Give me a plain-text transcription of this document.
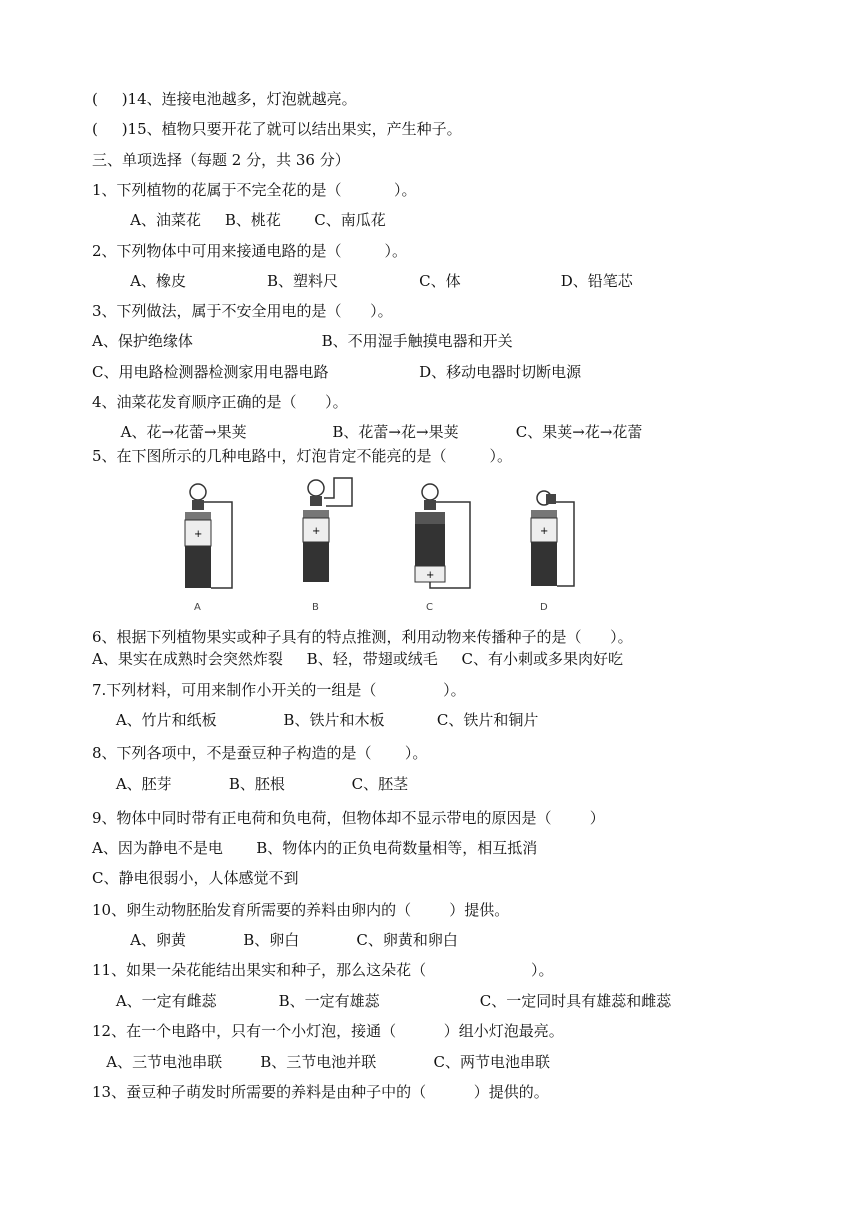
(     )14、连接电池越多，灯泡就越亮。
(     )15、植物只要开花了就可以结出果实，产生种子。
三、单项选择（每题 2 分，共 36 分）
1、下列植物的花属于不完全花的是（           ）。
A、油菜花     B、桃花       C、南瓜花
2、下列物体中可用来接通电路的是（         ）。
A、橡皮                 B、塑料尺                 C、体                     D、铅笔芯
3、下列做法，属于不安全用电的是（      ）。
A、保护绝缘体                           B、不用湿手触摸电器和开关
C、用电路检测器检测家用电器电路                   D、移动电器时切断电源
4、油菜花发育顺序正确的是（      ）。
A、花→花蕾→果荚                  B、花蕾→花→果荚            C、果荚→花→花蕾
5、在下图所示的几种电路中，灯泡肯定不能亮的是（         ）。
6、根据下列植物果实或种子具有的特点推测，利用动物来传播种子的是（      ）。
A、果实在成熟时会突然炸裂     B、轻，带翅或绒毛     C、有小刺或多果肉好吃
7.下列材料，可用来制作小开关的一组是（              ）。
A、竹片和纸板              B、铁片和木板           C、铁片和铜片
8、下列各项中，不是蚕豆种子构造的是（       ）。
A、胚芽            B、胚根              C、胚茎
9、物体中同时带有正电荷和负电荷，但物体却不显示带电的原因是（        ）
A、因为静电不是电       B、物体内的正负电荷数量相等，相互抵消
C、静电很弱小，人体感觉不到
10、卵生动物胚胎发育所需要的养料由卵内的（        ）提供。
A、卵黄            B、卵白            C、卵黄和卵白
11、如果一朵花能结出果实和种子，那么这朵花（                      ）。
A、一定有雌蕊             B、一定有雄蕊                     C、一定同时具有雄蕊和雌蕊
12、在一个电路中，只有一个小灯泡，接通（          ）组小灯泡最亮。
A、三节电池串联        B、三节电池并联            C、两节电池串联
13、蚕豆种子萌发时所需要的养料是由种子中的（          ）提供的。
+
A
+
B
+
C
+
D
